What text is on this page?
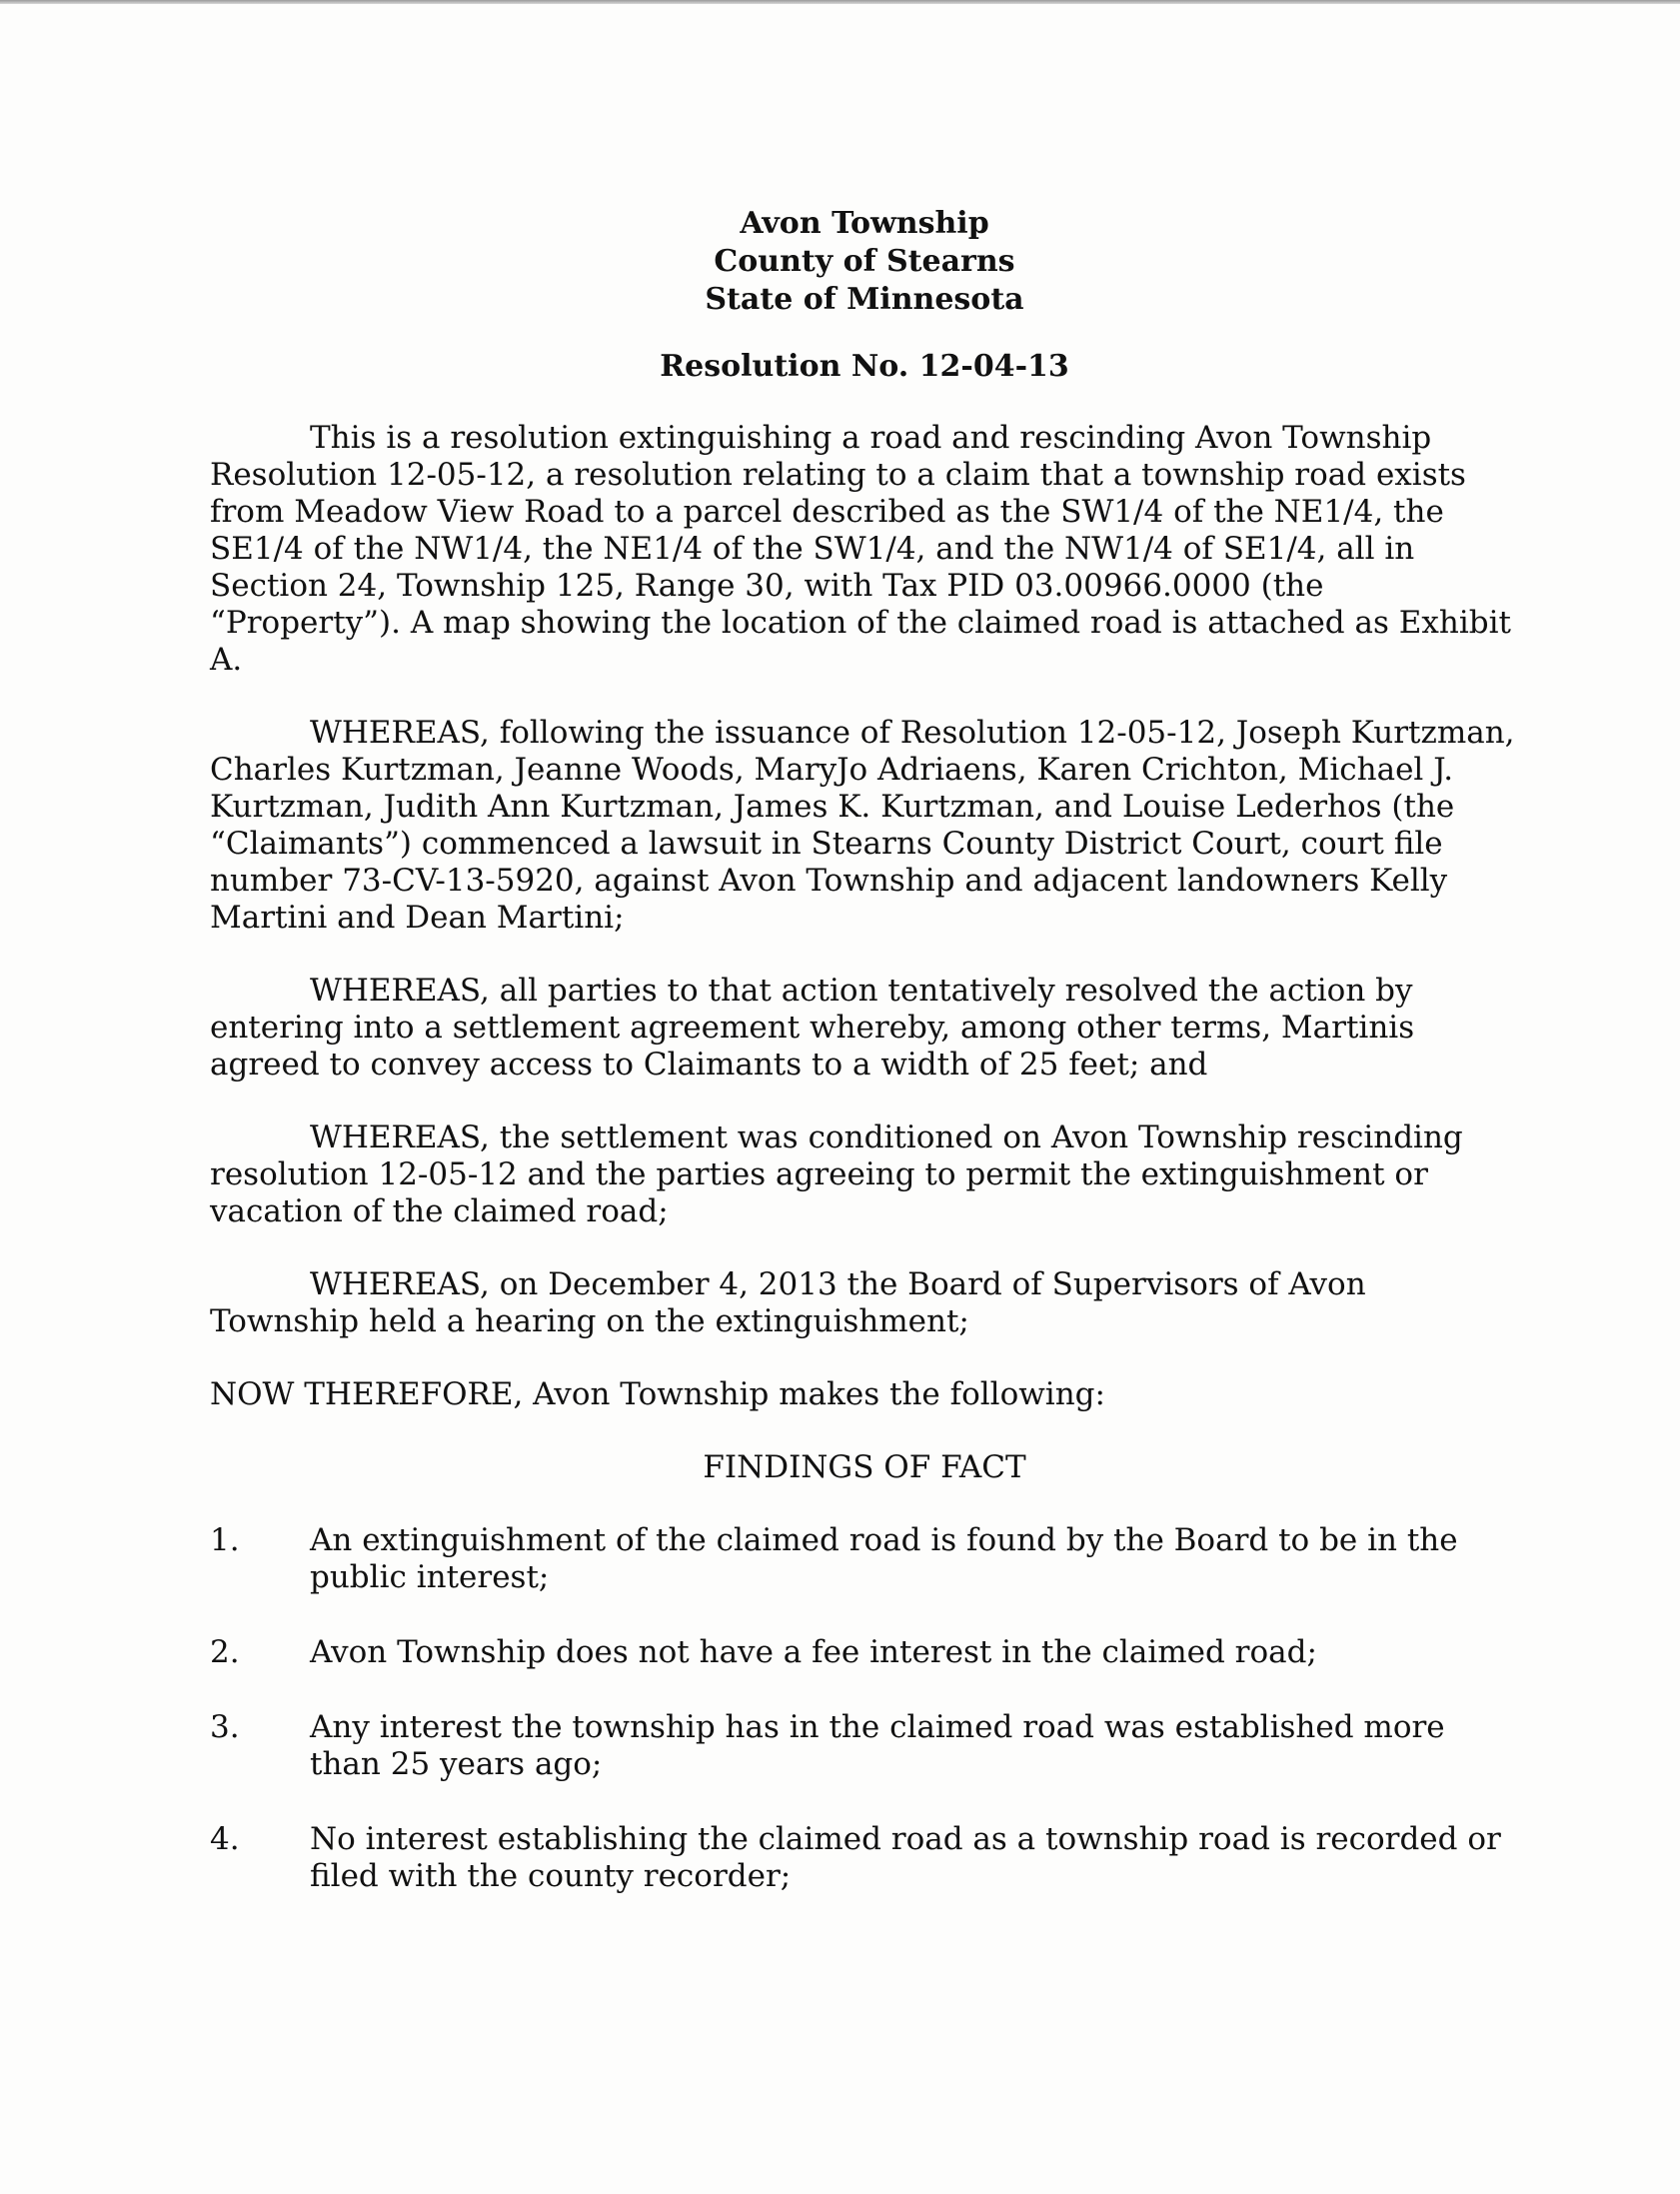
Avon Township
County of Stearns
State of Minnesota
Resolution No. 12-04-13

This is a resolution extinguishing a road and rescinding Avon Township Resolution 12-05-12, a resolution relating to a claim that a township road exists from Meadow View Road to a parcel described as the SW1/4 of the NE1/4, the SE1/4 of the NW1/4, the NE1/4 of the SW1/4, and the NW1/4 of SE1/4, all in Section 24, Township 125, Range 30, with Tax PID 03.00966.0000 (the “Property”). A map showing the location of the claimed road is attached as Exhibit A.

WHEREAS, following the issuance of Resolution 12-05-12, Joseph Kurtzman, Charles Kurtzman, Jeanne Woods, MaryJo Adriaens, Karen Crichton, Michael J. Kurtzman, Judith Ann Kurtzman, James K. Kurtzman, and Louise Lederhos (the “Claimants”) commenced a lawsuit in Stearns County District Court, court file number 73-CV-13-5920, against Avon Township and adjacent landowners Kelly Martini and Dean Martini;

WHEREAS, all parties to that action tentatively resolved the action by entering into a settlement agreement whereby, among other terms, Martinis agreed to convey access to Claimants to a width of 25 feet; and

WHEREAS, the settlement was conditioned on Avon Township rescinding resolution 12-05-12 and the parties agreeing to permit the extinguishment or vacation of the claimed road;

WHEREAS, on December 4, 2013 the Board of Supervisors of Avon Township held a hearing on the extinguishment;

NOW THEREFORE, Avon Township makes the following:

FINDINGS OF FACT
1.	An extinguishment of the claimed road is found by the Board to be in the public interest;
2.	Avon Township does not have a fee interest in the claimed road;
3.	Any interest the township has in the claimed road was established more than 25 years ago;
4.	No interest establishing the claimed road as a township road is recorded or filed with the county recorder;
